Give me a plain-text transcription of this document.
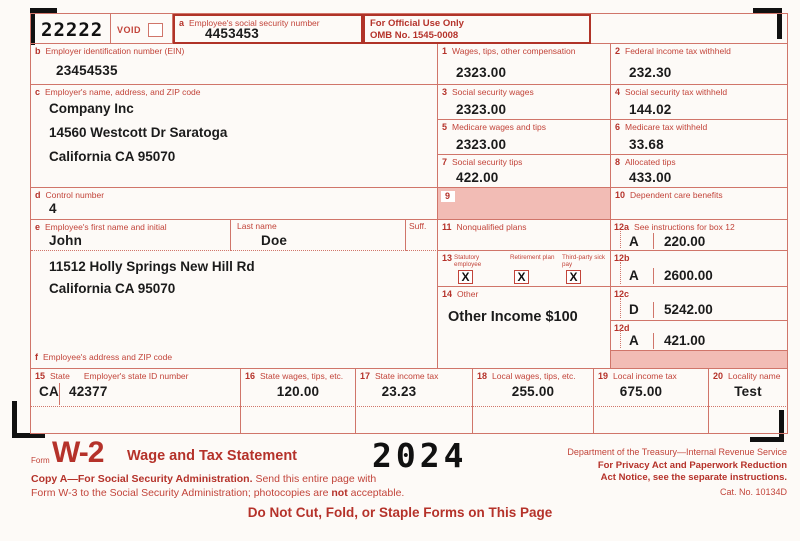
22222 VOID
a Employee's social security number
4453453
For Official Use Only
OMB No. 1545-0008
b Employer identification number (EIN)
23454535
1 Wages, tips, other compensation
2323.00
2 Federal income tax withheld
232.30
c Employer's name, address, and ZIP code
Company Inc
14560 Westcott Dr Saratoga
California CA 95070
3 Social security wages
2323.00
4 Social security tax withheld
144.02
5 Medicare wages and tips
2323.00
6 Medicare tax withheld
33.68
7 Social security tips
422.00
8 Allocated tips
433.00
d Control number
4
9	10 Dependent care benefits
e Employee's first name and initial
John
Last name
Doe
Suff. 11 Nonqualified plans	12a See instructions for box 12
A	220.00
11512 Holly Springs New Hill Rd
California CA 95070
f Employee's address and ZIP code
13 Statutory employee
X
Retirement plan
X
Third-party sick pay
X
12b
A	2600.00
14 Other
Other Income $100
12c
D	5242.00
12d
A	421.00
15 State Employer's state ID number
CA 42377
16 State wages, tips, etc.
120.00
17 State income tax
23.23
18 Local wages, tips, etc.
255.00
19 Local income tax
675.00
20 Locality name
Test
Form W-2 Wage and Tax Statement 2024	Department of the Treasury—Internal Revenue Service
For Privacy Act and Paperwork Reduction
Act Notice, see the separate instructions.
Cat. No. 10134D
Copy A—For Social Security Administration. Send this entire page with
Form W-3 to the Social Security Administration; photocopies are not acceptable.
Do Not Cut, Fold, or Staple Forms on This Page
